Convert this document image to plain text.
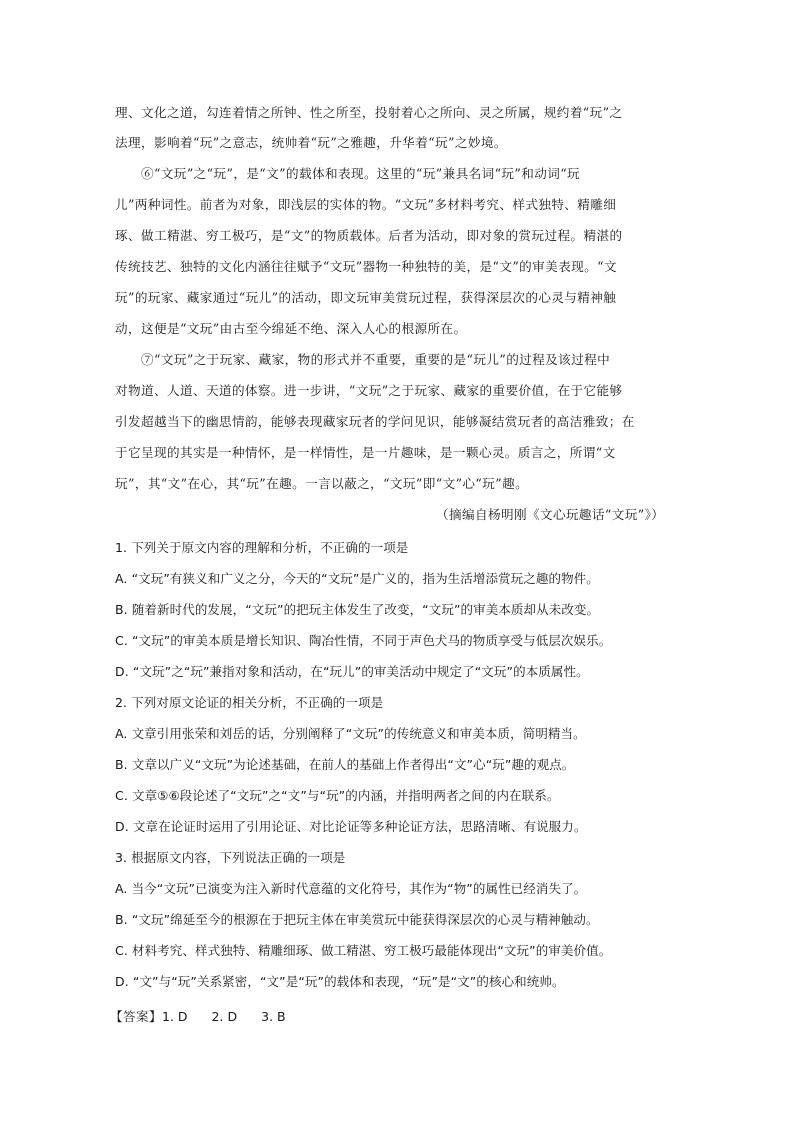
理、文化之道，勾连着情之所钟、性之所至，投射着心之所向、灵之所属，规约着“玩”之
法理，影响着“玩”之意志，统帅着“玩”之雅趣，升华着“玩”之妙境。
⑥“文玩”之“玩”，是“文”的载体和表现。这里的“玩”兼具名词“玩”和动词“玩
儿”两种词性。前者为对象，即浅层的实体的物。“文玩”多材料考究、样式独特、精雕细
琢、做工精湛、穷工极巧，是“文”的物质载体。后者为活动，即对象的赏玩过程。精湛的
传统技艺、独特的文化内涵往往赋予“文玩”器物一种独特的美，是“文”的审美表现。“文
玩”的玩家、藏家通过“玩儿”的活动，即文玩审美赏玩过程，获得深层次的心灵与精神触
动，这便是“文玩”由古至今绵延不绝、深入人心的根源所在。
⑦“文玩”之于玩家、藏家，物的形式并不重要，重要的是“玩儿”的过程及该过程中
对物道、人道、天道的体察。进一步讲，“文玩”之于玩家、藏家的重要价值，在于它能够
引发超越当下的幽思情韵，能够表现藏家玩者的学问见识，能够凝结赏玩者的高洁雅致；在
于它呈现的其实是一种情怀，是一样情性，是一片趣味，是一颗心灵。质言之，所谓“文
玩”，其“文”在心，其“玩”在趣。一言以蔽之，“文玩”即“文”心“玩”趣。
（摘编自杨明刚《文心玩趣话“文玩”》）
1. 下列关于原文内容的理解和分析，不正确的一项是
A. “文玩”有狭义和广义之分，今天的“文玩”是广义的，指为生活增添赏玩之趣的物件。
B. 随着新时代的发展，“文玩”的把玩主体发生了改变，“文玩”的审美本质却从未改变。
C. “文玩”的审美本质是增长知识、陶冶性情，不同于声色犬马的物质享受与低层次娱乐。
D. “文玩”之“玩”兼指对象和活动，在“玩儿”的审美活动中规定了“文玩”的本质属性。
2. 下列对原文论证的相关分析，不正确的一项是
A. 文章引用张荣和刘岳的话，分别阐释了“文玩”的传统意义和审美本质，简明精当。
B. 文章以广义“文玩”为论述基础，在前人的基础上作者得出“文”心“玩”趣的观点。
C. 文章⑤⑥段论述了“文玩”之“文”与“玩”的内涵，并指明两者之间的内在联系。
D. 文章在论证时运用了引用论证、对比论证等多种论证方法，思路清晰、有说服力。
3. 根据原文内容，下列说法正确的一项是
A. 当今“文玩”已演变为注入新时代意蕴的文化符号，其作为“物”的属性已经消失了。
B. “文玩”绵延至今的根源在于把玩主体在审美赏玩中能获得深层次的心灵与精神触动。
C. 材料考究、样式独特、精雕细琢、做工精湛、穷工极巧最能体现出“文玩”的审美价值。
D. “文”与“玩”关系紧密，“文”是“玩”的载体和表现，“玩”是“文”的核心和统帅。
【答案】1. D 2. D 3. B
